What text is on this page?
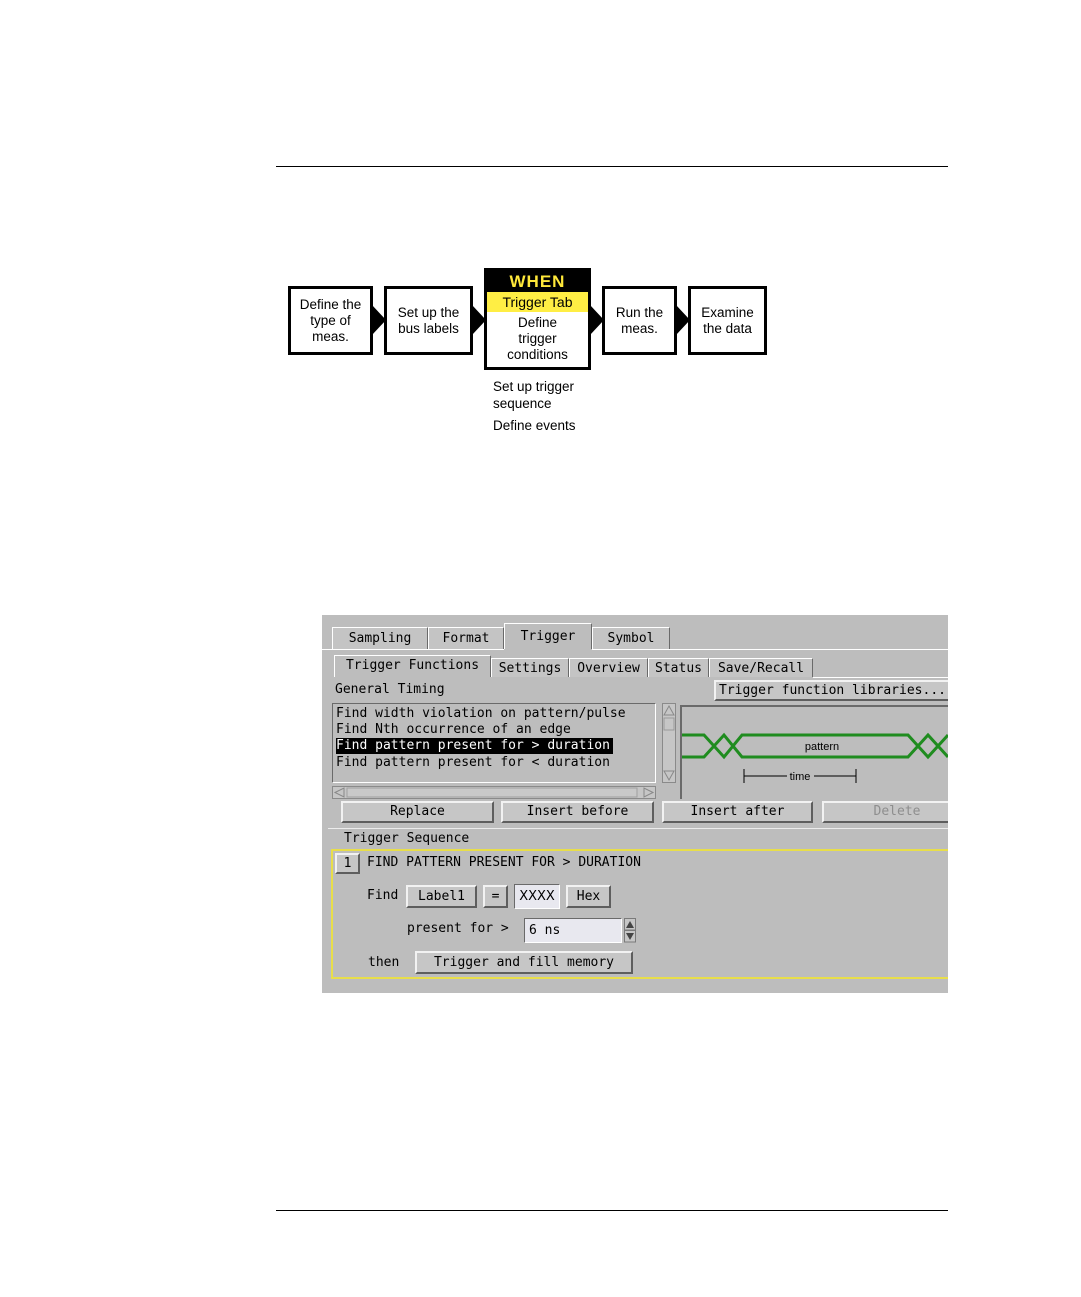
Define the
type of
meas.
Set up the
bus labels
WHEN
Trigger Tab
Define
trigger
conditions
Run the
meas.
Examine
the data
Set up trigger
sequence
Define events
Sampling	Format	Trigger	Symbol
Trigger Functions	Settings	Overview	Status	Save/Recall
General Timing	Trigger function libraries...
Find width violation on pattern/pulse
Find Nth occurrence of an edge
Find pattern present for > duration
Find pattern present for < duration
pattern
time
Replace	Insert before	Insert after	Delete
Trigger Sequence
1	FIND PATTERN PRESENT FOR > DURATION
Find	Label1	=	XXXX	Hex
present for >	6 ns
then	Trigger and fill memory
